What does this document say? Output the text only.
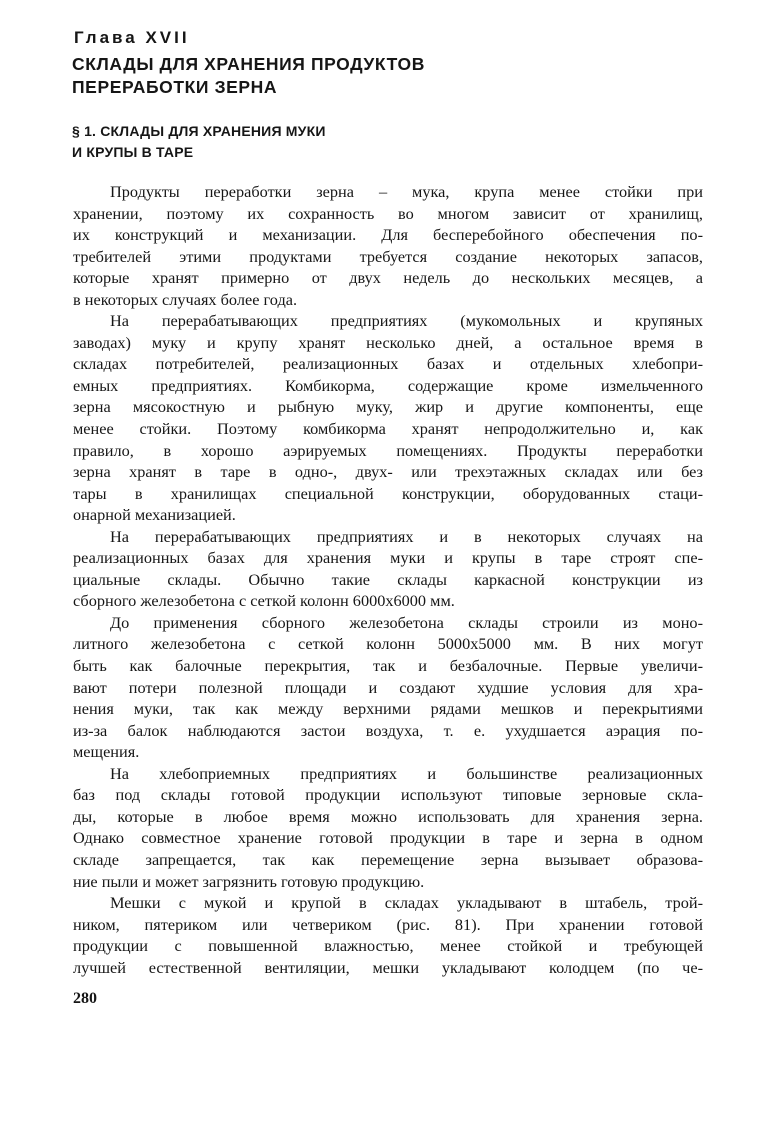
Глава XVII
СКЛАДЫ ДЛЯ ХРАНЕНИЯ ПРОДУКТОВ
ПЕРЕРАБОТКИ ЗЕРНА
§ 1. СКЛАДЫ ДЛЯ ХРАНЕНИЯ МУКИ
И КРУПЫ В ТАРЕ

Продукты переработки зерна – мука, крупа менее стойки при
хранении, поэтому их сохранность во многом зависит от хранилищ,
их конструкций и механизации. Для бесперебойного обеспечения по-
требителей этими продуктами требуется создание некоторых запасов,
которые хранят примерно от двух недель до нескольких месяцев, а
в некоторых случаях более года.

На перерабатывающих предприятиях (мукомольных и крупяных
заводах) муку и крупу хранят несколько дней, а остальное время в
складах потребителей, реализационных базах и отдельных хлебопри-
емных предприятиях. Комбикорма, содержащие кроме измельченного
зерна мясокостную и рыбную муку, жир и другие компоненты, еще
менее стойки. Поэтому комбикорма хранят непродолжительно и, как
правило, в хорошо аэрируемых помещениях. Продукты переработки
зерна хранят в таре в одно-, двух- или трехэтажных складах или без
тары в хранилищах специальной конструкции, оборудованных стаци-
онарной механизацией.

На перерабатывающих предприятиях и в некоторых случаях на
реализационных базах для хранения муки и крупы в таре строят спе-
циальные склады. Обычно такие склады каркасной конструкции из
сборного железобетона с сеткой колонн 6000х6000 мм.

До применения сборного железобетона склады строили из моно-
литного железобетона с сеткой колонн 5000х5000 мм. В них могут
быть как балочные перекрытия, так и безбалочные. Первые увеличи-
вают потери полезной площади и создают худшие условия для хра-
нения муки, так как между верхними рядами мешков и перекрытиями
из-за балок наблюдаются застои воздуха, т. е. ухудшается аэрация по-
мещения.

На хлебоприемных предприятиях и большинстве реализационных
баз под склады готовой продукции используют типовые зерновые скла-
ды, которые в любое время можно использовать для хранения зерна.
Однако совместное хранение готовой продукции в таре и зерна в одном
складе запрещается, так как перемещение зерна вызывает образова-
ние пыли и может загрязнить готовую продукцию.

Мешки с мукой и крупой в складах укладывают в штабель, трой-
ником, пятериком или четвериком (рис. 81). При хранении готовой
продукции с повышенной влажностью, менее стойкой и требующей
лучшей естественной вентиляции, мешки укладывают колодцем (по че-

280
